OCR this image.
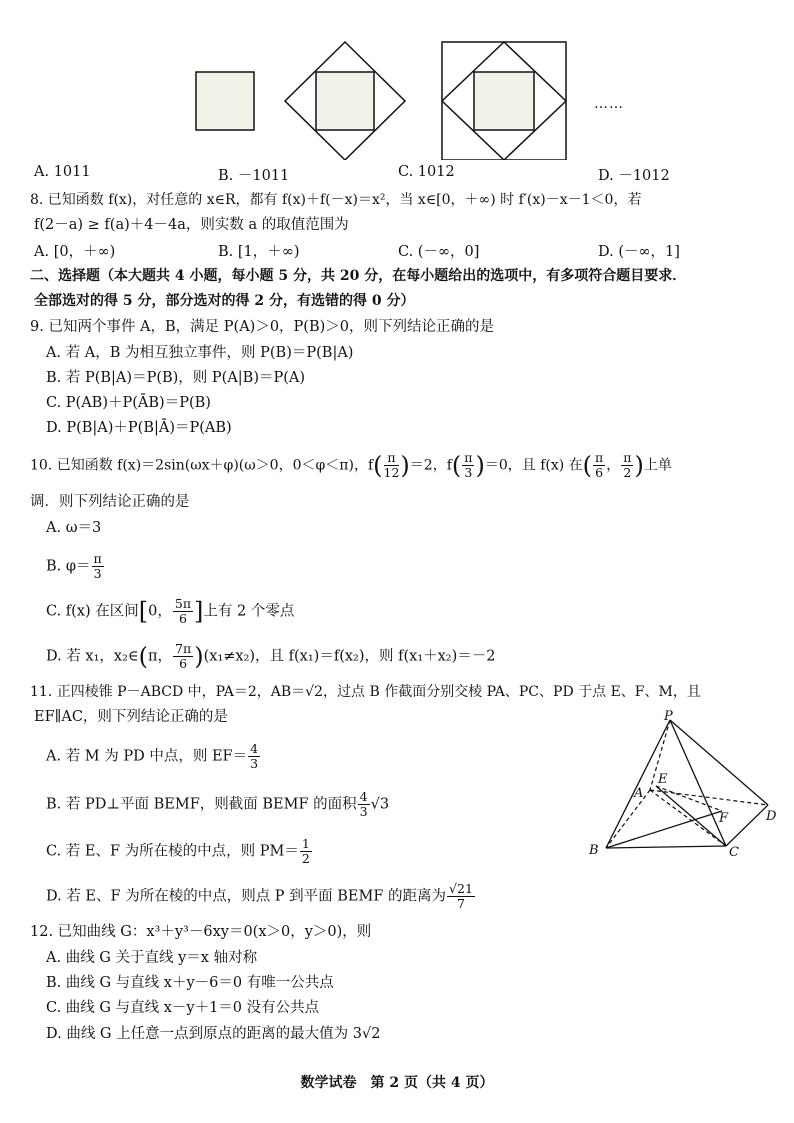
……
A. 1011	B. －1011	C. 1012	D. －1012
8. 已知函数 f(x)，对任意的 x∈R，都有 f(x)＋f(－x)＝x²，当 x∈[0，＋∞) 时 f′(x)－x－1＜0，若
f(2－a) ≥ f(a)＋4－4a，则实数 a 的取值范围为
A. [0，＋∞)	B. [1，＋∞)	C. (－∞，0]	D. (－∞，1]
二、选择题（本大题共 4 小题，每小题 5 分，共 20 分，在每小题给出的选项中，有多项符合题目要求．
全部选对的得 5 分，部分选对的得 2 分，有选错的得 0 分）
9. 已知两个事件 A，B，满足 P(A)＞0，P(B)＞0，则下列结论正确的是
A. 若 A，B 为相互独立事件，则 P(B)＝P(B|A)
B. 若 P(B|A)＝P(B)，则 P(A|B)＝P(A)
C. P(AB)＋P(ĀB)＝P(B)
D. P(B|A)＋P(B|Ā)＝P(AB)
10. 已知函数 f(x)＝2sin(ωx＋φ)(ω＞0，0＜φ＜π)，$f( \frac{\pi}{12} )=2$，$f( \frac{\pi}{3} )=0$，且 f(x) 在( $\frac{\pi}{6}$ ， $\frac{\pi}{2}$ )上单
调．则下列结论正确的是
A. ω＝3
B. $\varphi= \frac{\pi}{3}$
C. f(x) 在区间[0， $\frac{5\pi}{6}$ ]上有 2 个零点
D. 若 x₁，x₂∈(π， $\frac{7\pi}{6} )(x_1\ne x_2)$，且 f(x₁)＝f(x₂)，则 f(x₁＋x₂)＝－2
11. 正四棱锥 P－ABCD 中，PA＝2，AB＝√2，过点 B 作截面分别交棱 PA、PC、PD 于点 E、F、M，且
EF∥AC，则下列结论正确的是
A. 若 M 为 PD 中点，则 $EF= \frac{4}{3}$
B. 若 PD⊥平面 BEMF，则截面 BEMF 的面积 $\frac{4}{3} √3$
C. 若 E、F 为所在棱的中点，则 $PM= \frac{1}{2}$
D. 若 E、F 为所在棱的中点，则点 P 到平面 BEMF 的距离为 $\frac{√21}{7}$
P
A
B	C
D
E
F
12. 已知曲线 G：x³＋y³－6xy＝0(x＞0，y＞0)，则
A. 曲线 G 关于直线 y＝x 轴对称
B. 曲线 G 与直线 x＋y－6＝0 有唯一公共点
C. 曲线 G 与直线 x－y＋1＝0 没有公共点
D. 曲线 G 上任意一点到原点的距离的最大值为 3√2
数学试卷　第 2 页（共 4 页）
